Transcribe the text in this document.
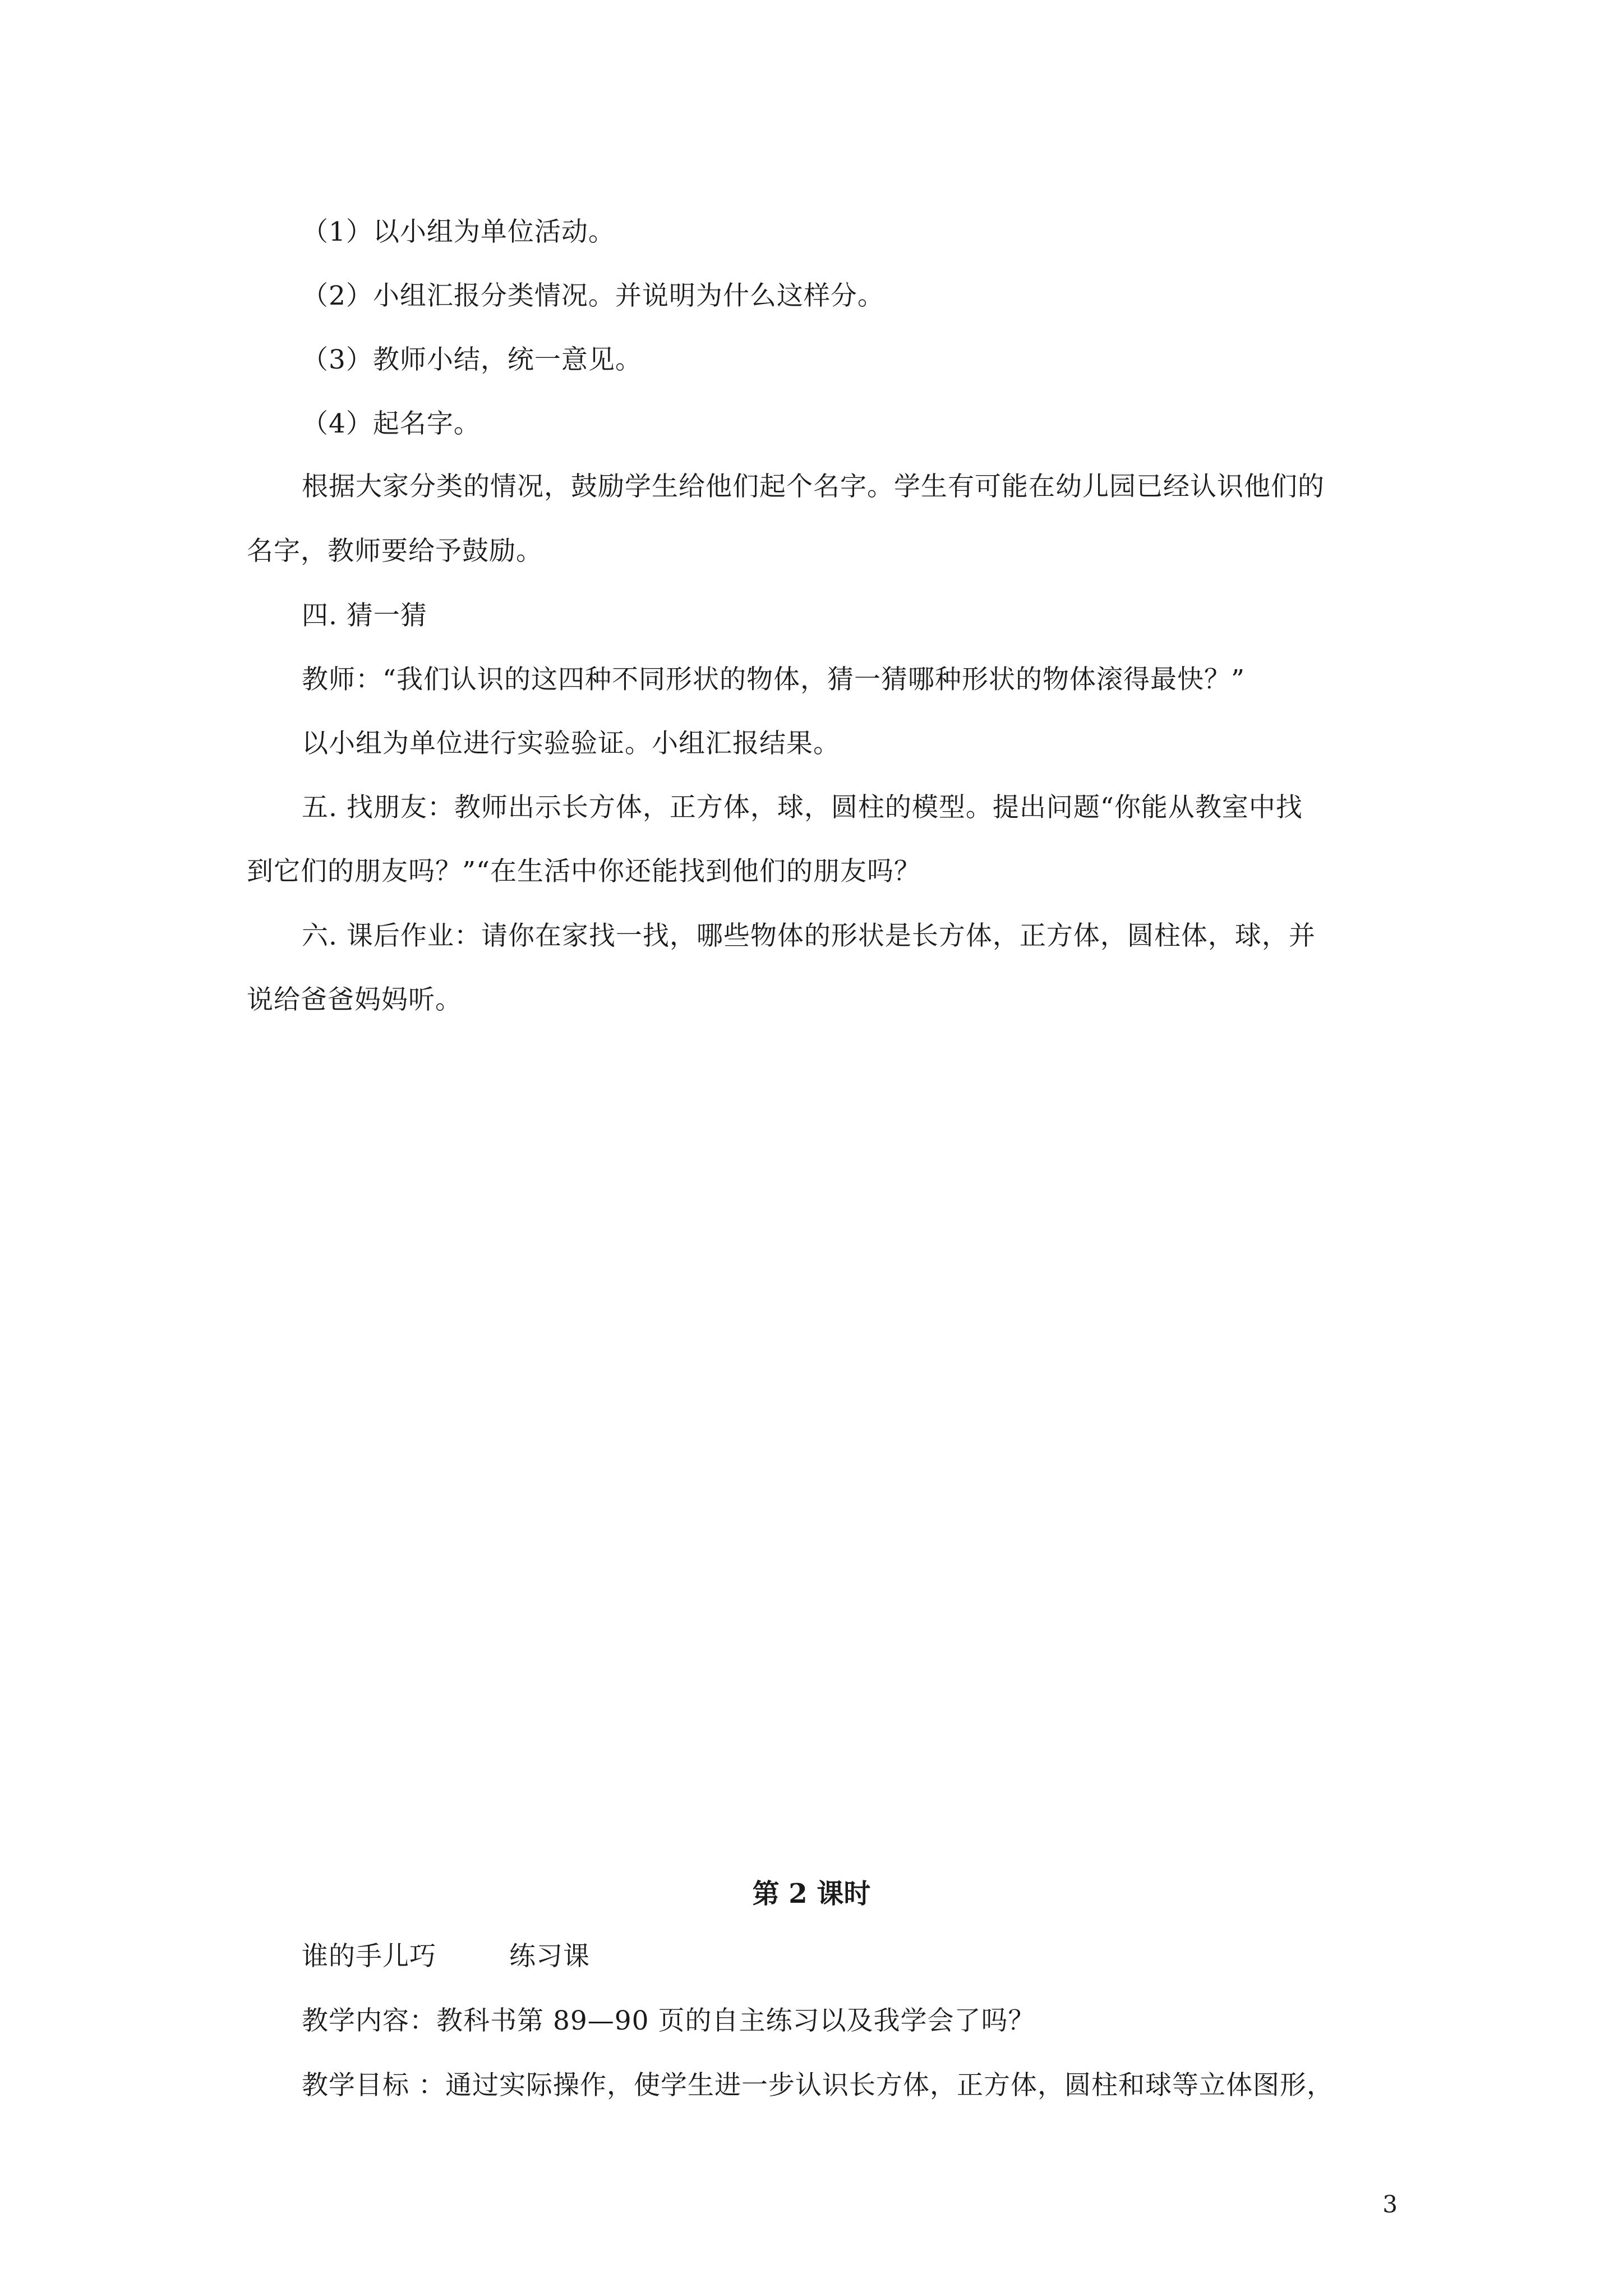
（1）以小组为单位活动。
（2）小组汇报分类情况。并说明为什么这样分。
（3）教师小结，统一意见。
（4）起名字。
根据大家分类的情况，鼓励学生给他们起个名字。学生有可能在幼儿园已经认识他们的
名字，教师要给予鼓励。
四. 猜一猜
教师：“我们认识的这四种不同形状的物体，猜一猜哪种形状的物体滚得最快？”
以小组为单位进行实验验证。小组汇报结果。
五. 找朋友：教师出示长方体，正方体，球，圆柱的模型。提出问题“你能从教室中找
到它们的朋友吗？”“在生活中你还能找到他们的朋友吗？
六. 课后作业：请你在家找一找，哪些物体的形状是长方体，正方体，圆柱体，球，并
说给爸爸妈妈听。
第 2 课时
谁的手儿巧	练习课
教学内容：教科书第 89—90 页的自主练习以及我学会了吗？
教学目标 ：通过实际操作，使学生进一步认识长方体，正方体，圆柱和球等立体图形，
3
